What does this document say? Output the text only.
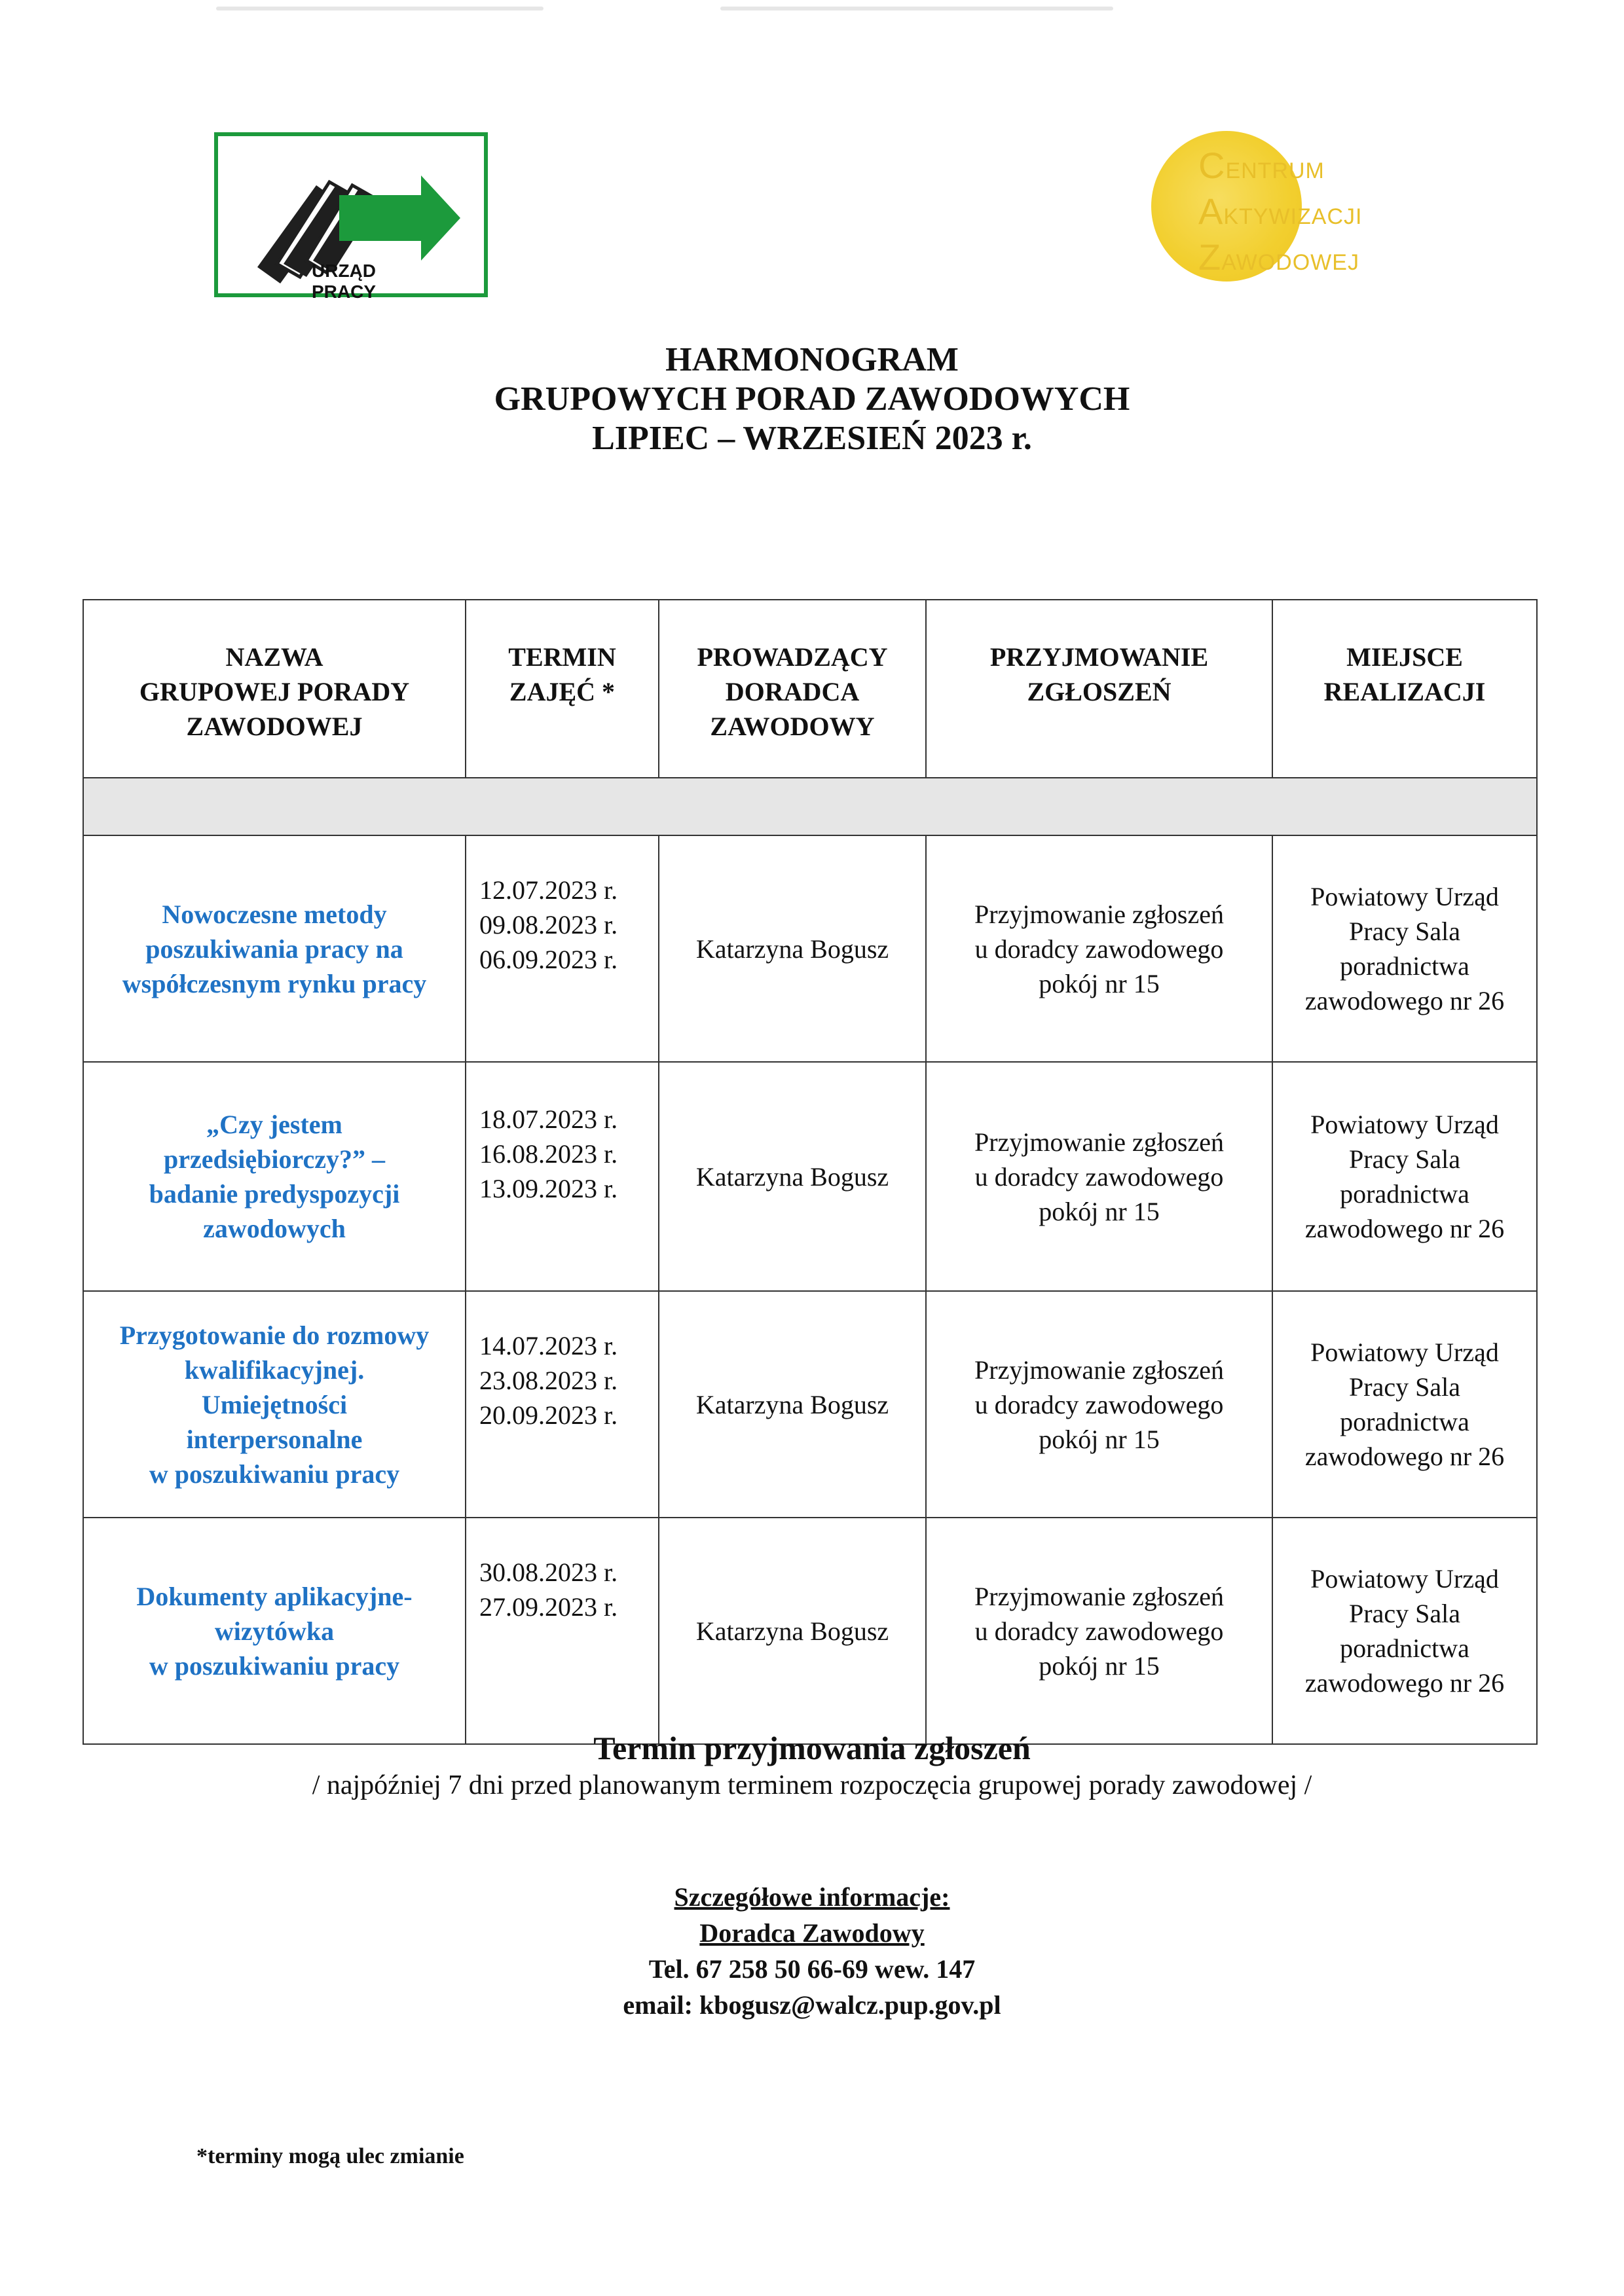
URZĄD PRACY
CENTRUM
AKTYWIZACJI
ZAWODOWEJ
HARMONOGRAM
GRUPOWYCH PORAD ZAWODOWYCH
LIPIEC – WRZESIEŃ 2023 r.
NAZWA
GRUPOWEJ PORADY
ZAWODOWEJ	TERMIN
ZAJĘĆ *	PROWADZĄCY
DORADCA
ZAWODOWY	PRZYJMOWANIE
ZGŁOSZEŃ	MIEJSCE
REALIZACJI

Nowoczesne metody
poszukiwania pracy na
współczesnym rynku pracy	12.07.2023 r.
09.08.2023 r.
06.09.2023 r.	Katarzyna Bogusz	Przyjmowanie zgłoszeń
u doradcy zawodowego
pokój nr 15	Powiatowy Urząd
Pracy Sala
poradnictwa
zawodowego nr 26
„Czy jestem
przedsiębiorczy?” –
badanie predyspozycji
zawodowych	18.07.2023 r.
16.08.2023 r.
13.09.2023 r.	Katarzyna Bogusz	Przyjmowanie zgłoszeń
u doradcy zawodowego
pokój nr 15	Powiatowy Urząd
Pracy Sala
poradnictwa
zawodowego nr 26
Przygotowanie do rozmowy
kwalifikacyjnej.
Umiejętności
interpersonalne
w poszukiwaniu pracy	14.07.2023 r.
23.08.2023 r.
20.09.2023 r.	Katarzyna Bogusz	Przyjmowanie zgłoszeń
u doradcy zawodowego
pokój nr 15	Powiatowy Urząd
Pracy Sala
poradnictwa
zawodowego nr 26
Dokumenty aplikacyjne-
wizytówka
w poszukiwaniu pracy	30.08.2023 r.
27.09.2023 r.	Katarzyna Bogusz	Przyjmowanie zgłoszeń
u doradcy zawodowego
pokój nr 15	Powiatowy Urząd
Pracy Sala
poradnictwa
zawodowego nr 26
Termin przyjmowania zgłoszeń
/ najpóźniej 7 dni przed planowanym terminem rozpoczęcia grupowej porady zawodowej /
Szczegółowe informacje:
Doradca Zawodowy
Tel. 67 258 50 66-69 wew. 147
email: kbogusz@walcz.pup.gov.pl
*terminy mogą ulec zmianie
